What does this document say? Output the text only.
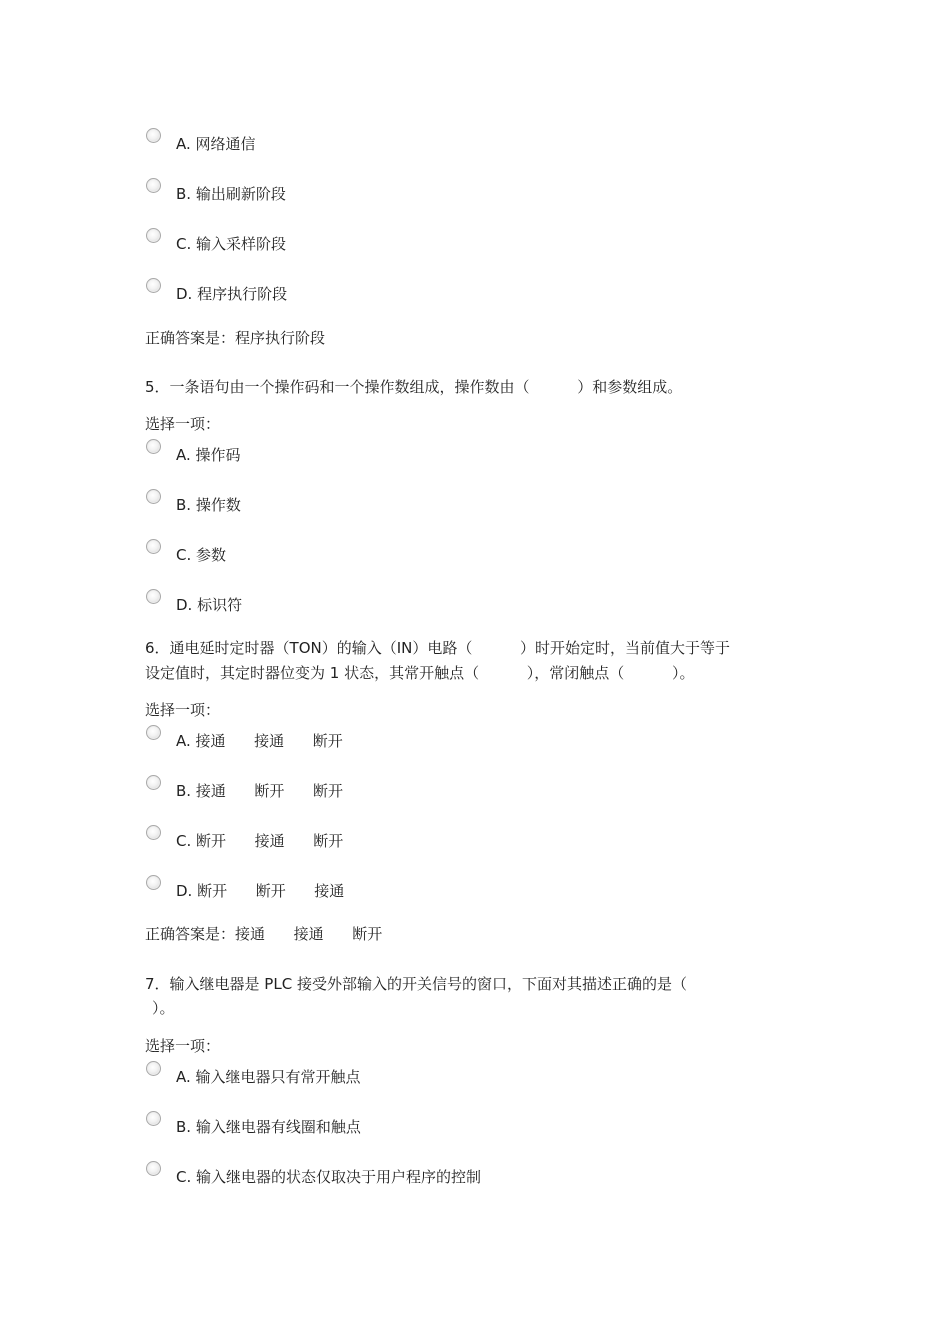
A. 网络通信
B. 输出刷新阶段
C. 输入采样阶段
D. 程序执行阶段
正确答案是：程序执行阶段
5．一条语句由一个操作码和一个操作数组成，操作数由（          ）和参数组成。
选择一项：
A. 操作码
B. 操作数
C. 参数
D. 标识符
6．通电延时定时器（TON）的输入（IN）电路（          ）时开始定时，当前值大于等于
设定值时，其定时器位变为 1 状态，其常开触点（          ），常闭触点（          ）。
选择一项：
A. 接通      接通      断开
B. 接通      断开      断开
C. 断开      接通      断开
D. 断开      断开      接通
正确答案是：接通      接通      断开
7．输入继电器是 PLC 接受外部输入的开关信号的窗口，下面对其描述正确的是（
）。
选择一项：
A. 输入继电器只有常开触点
B. 输入继电器有线圈和触点
C. 输入继电器的状态仅取决于用户程序的控制
